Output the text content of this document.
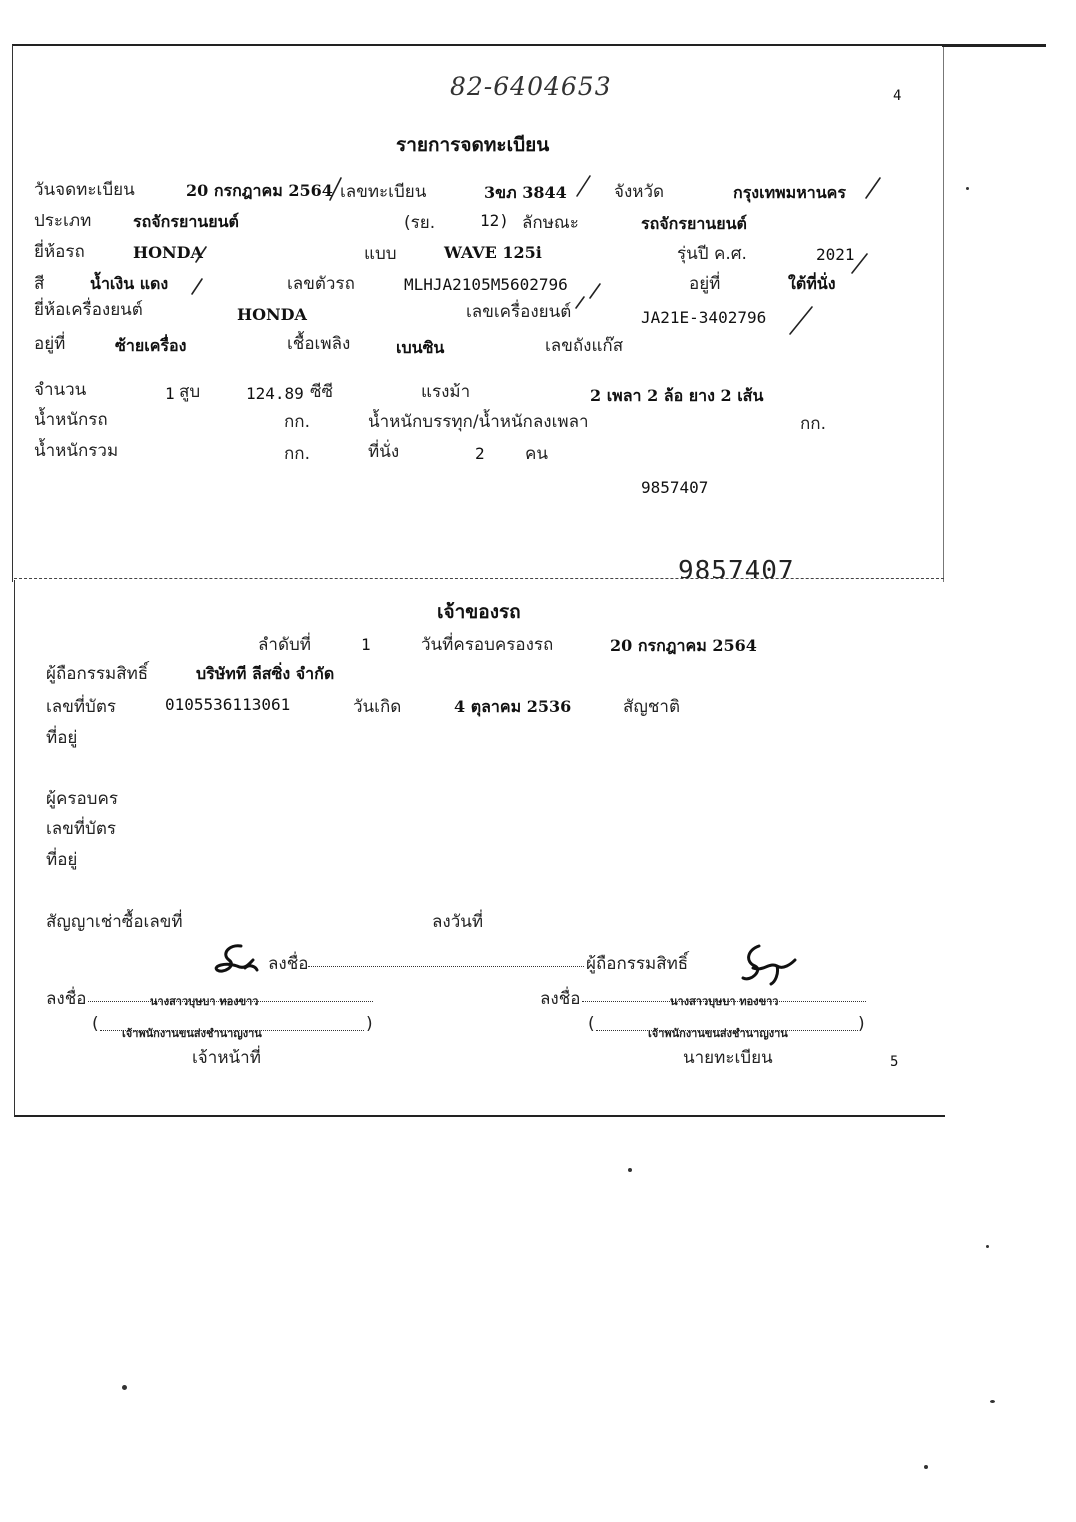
82-6404653	4
รายการจดทะเบียน
วันจดทะเบียน	20 กรกฎาคม 2564 เลขทะเบียน	3ขภ 3844	จังหวัด	กรุงเทพมหานคร
ประเภท	รถจักรยานยนต์	(รย.	12) ลักษณะ	รถจักรยานยนต์
ยี่ห้อรถ	HONDA	แบบ	WAVE 125i	รุ่นปี ค.ศ.	2021
สี	น้ำเงิน แดง	เลขตัวรถ	MLHJA2105M5602796	อยู่ที่	ใต้ที่นั่ง
ยี่ห้อเครื่องยนต์	HONDA	เลขเครื่องยนต์	JA21E-3402796
อยู่ที่	ซ้ายเครื่อง	เชื้อเพลิง	เบนซิน	เลขถังแก๊ส
จำนวน	1 สูบ	124.89 ซีซี	แรงม้า	2 เพลา 2 ล้อ ยาง 2 เส้น
น้ำหนักรถ	กก.	น้ำหนักบรรทุก/น้ำหนักลงเพลา	กก.
น้ำหนักรวม	กก.	ที่นั่ง	2 คน
9857407
9857407
เจ้าของรถ
ลำดับที่	1	วันที่ครอบครองรถ	20 กรกฎาคม 2564
ผู้ถือกรรมสิทธิ์	บริษัทที ลีสซิ่ง จำกัด
เลขที่บัตร	0105536113061	วันเกิด	4 ตุลาคม 2536	สัญชาติ
ที่อยู่
ผู้ครอบคร
เลขที่บัตร
ที่อยู่
สัญญาเช่าซื้อเลขที่	ลงวันที่
ลงชื่อ	ผู้ถือกรรมสิทธิ์
ลงชื่อ	นางสาวบุษบา ทองขาว
(	)
เจ้าพนักงานขนส่งชำนาญงาน
เจ้าหน้าที่
ลงชื่อ	นางสาวบุษบา ทองขาว
(	)
เจ้าพนักงานขนส่งชำนาญงาน
นายทะเบียน	5
